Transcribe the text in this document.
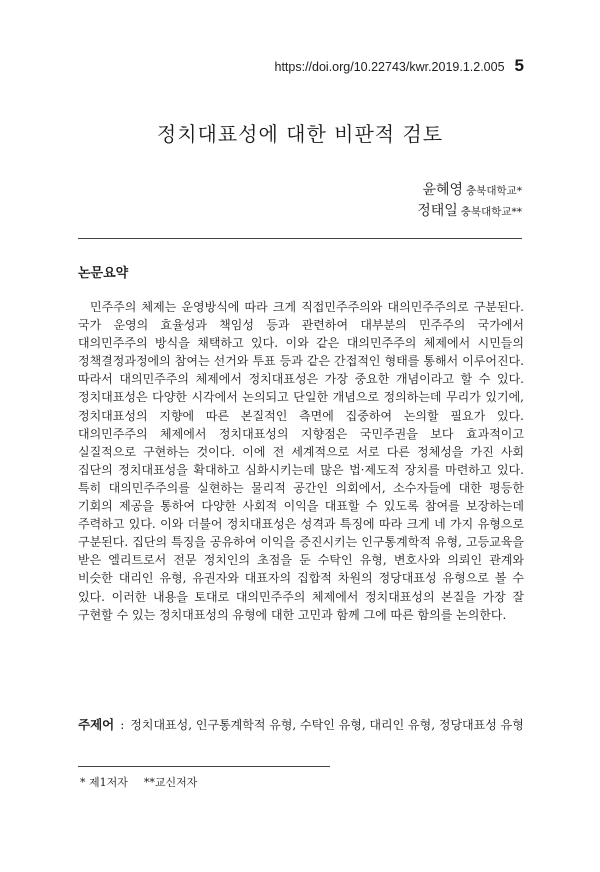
https://doi.org/10.22743/kwr.2019.1.2.005 5
정치대표성에 대한 비판적 검토
윤혜영 충북대학교*
정태일 충북대학교**
논문요약

민주주의 체제는 운영방식에 따라 크게 직접민주주의와 대의민주주의로 구분된다. 국가 운영의 효율성과 책임성 등과 관련하여 대부분의 민주주의 국가에서 대의민주주의 방식을 채택하고 있다. 이와 같은 대의민주주의 체제에서 시민들의 정책결정과정에의 참여는 선거와 투표 등과 같은 간접적인 형태를 통해서 이루어진다. 따라서 대의민주주의 체제에서 정치대표성은 가장 중요한 개념이라고 할 수 있다. 정치대표성은 다양한 시각에서 논의되고 단일한 개념으로 정의하는데 무리가 있기에, 정치대표성의 지향에 따른 본질적인 측면에 집중하여 논의할 필요가 있다. 대의민주주의 체제에서 정치대표성의 지향점은 국민주권을 보다 효과적이고 실질적으로 구현하는 것이다. 이에 전 세계적으로 서로 다른 정체성을 가진 사회 집단의 정치대표성을 확대하고 심화시키는데 많은 법·제도적 장치를 마련하고 있다. 특히 대의민주주의를 실현하는 물리적 공간인 의회에서, 소수자들에 대한 평등한 기회의 제공을 통하여 다양한 사회적 이익을 대표할 수 있도록 참여를 보장하는데 주력하고 있다. 이와 더불어 정치대표성은 성격과 특징에 따라 크게 네 가지 유형으로 구분된다. 집단의 특징을 공유하여 이익을 증진시키는 인구통계학적 유형, 고등교육을 받은 엘리트로서 전문 정치인의 초점을 둔 수탁인 유형, 변호사와 의뢰인 관계와 비슷한 대리인 유형, 유권자와 대표자의 집합적 차원의 정당대표성 유형으로 볼 수 있다. 이러한 내용을 토대로 대의민주주의 체제에서 정치대표성의 본질을 가장 잘 구현할 수 있는 정치대표성의 유형에 대한 고민과 함께 그에 따른 함의를 논의한다.

주제어 : 정치대표성, 인구통계학적 유형, 수탁인 유형, 대리인 유형, 정당대표성 유형
* 제1저자 **교신저자
